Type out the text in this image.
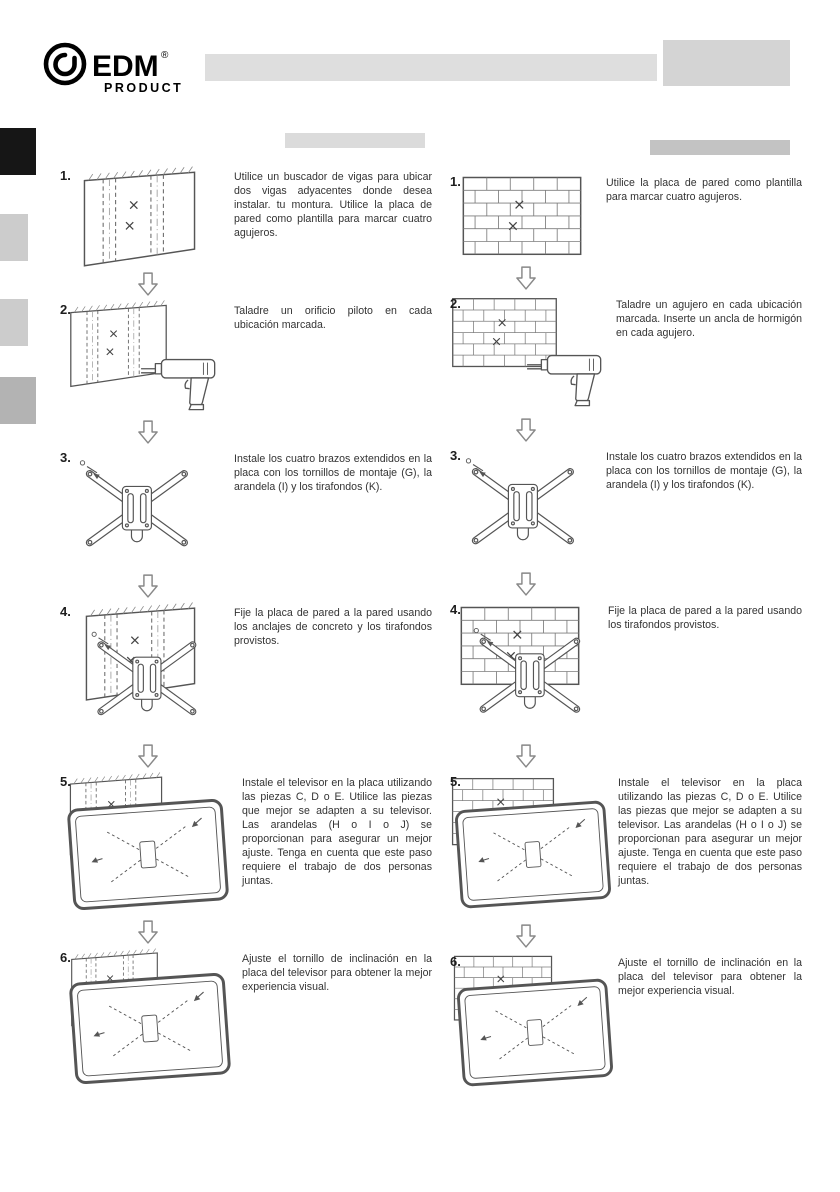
EDM ®
PRODUCT
1.	Utilice un buscador de vigas para ubicar dos vigas adyacentes donde desea instalar. tu montura. Utilice la placa de pared como plantilla para marcar cuatro agujeros.
2.	Taladre un orificio piloto en cada ubicación marcada.
3.	Instale los cuatro brazos extendidos en la placa con los tornillos de montaje (G), la arandela (I) y los tirafondos (K).
4.	Fije la placa de pared a la pared usando los anclajes de concreto y los tirafondos provistos.
5.	Instale el televisor en la placa utilizando las piezas C, D o E. Utilice las piezas que mejor se adapten a su televisor. Las arandelas (H o I o J) se proporcionan para asegurar un mejor ajuste. Tenga en cuenta que este paso requiere el trabajo de dos personas juntas.
6.	Ajuste el tornillo de inclinación en la placa del televisor para obtener la mejor experiencia visual.
1.	Utilice la placa de pared como plantilla para marcar cuatro agujeros.
2.	Taladre un agujero en cada ubicación marcada. Inserte un ancla de hormigón en cada agujero.
3.	Instale los cuatro brazos extendidos en la placa con los tornillos de montaje (G), la arandela (I) y los tirafondos (K).
4.	Fije la placa de pared a la pared usando los tirafondos provistos.
5.	Instale el televisor en la placa utilizando las piezas C, D o E. Utilice las piezas que mejor se adapten a su televisor. Las arandelas (H o I o J) se proporcionan para asegurar un mejor ajuste. Tenga en cuenta que este paso requiere el trabajo de dos personas juntas.
6.	Ajuste el tornillo de inclinación en la placa del televisor para obtener la mejor experiencia visual.
